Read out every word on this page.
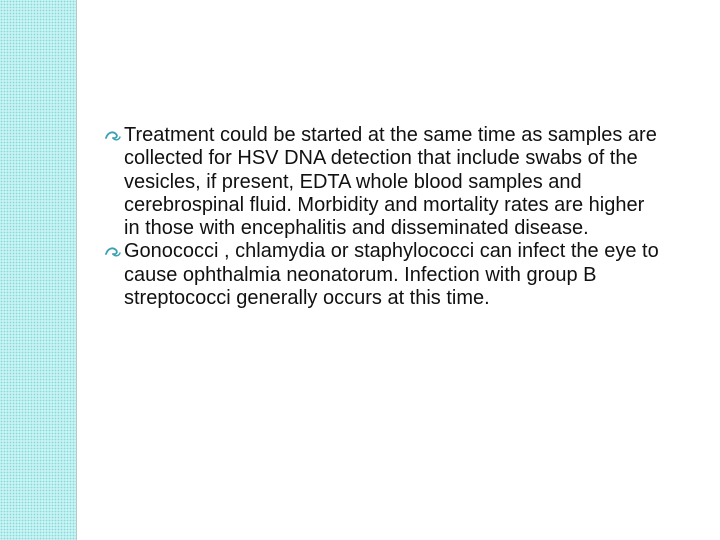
Treatment could be started at the same time as samples are collected for HSV DNA detection that include swabs of the vesicles, if present, EDTA whole blood samples and cerebrospinal fluid. Morbidity and mortality rates are higher in those with encephalitis and disseminated disease.
Gonococci , chlamydia or staphylococci can infect the eye to cause ophthalmia neonatorum. Infection with group B streptococci generally occurs at this time.
